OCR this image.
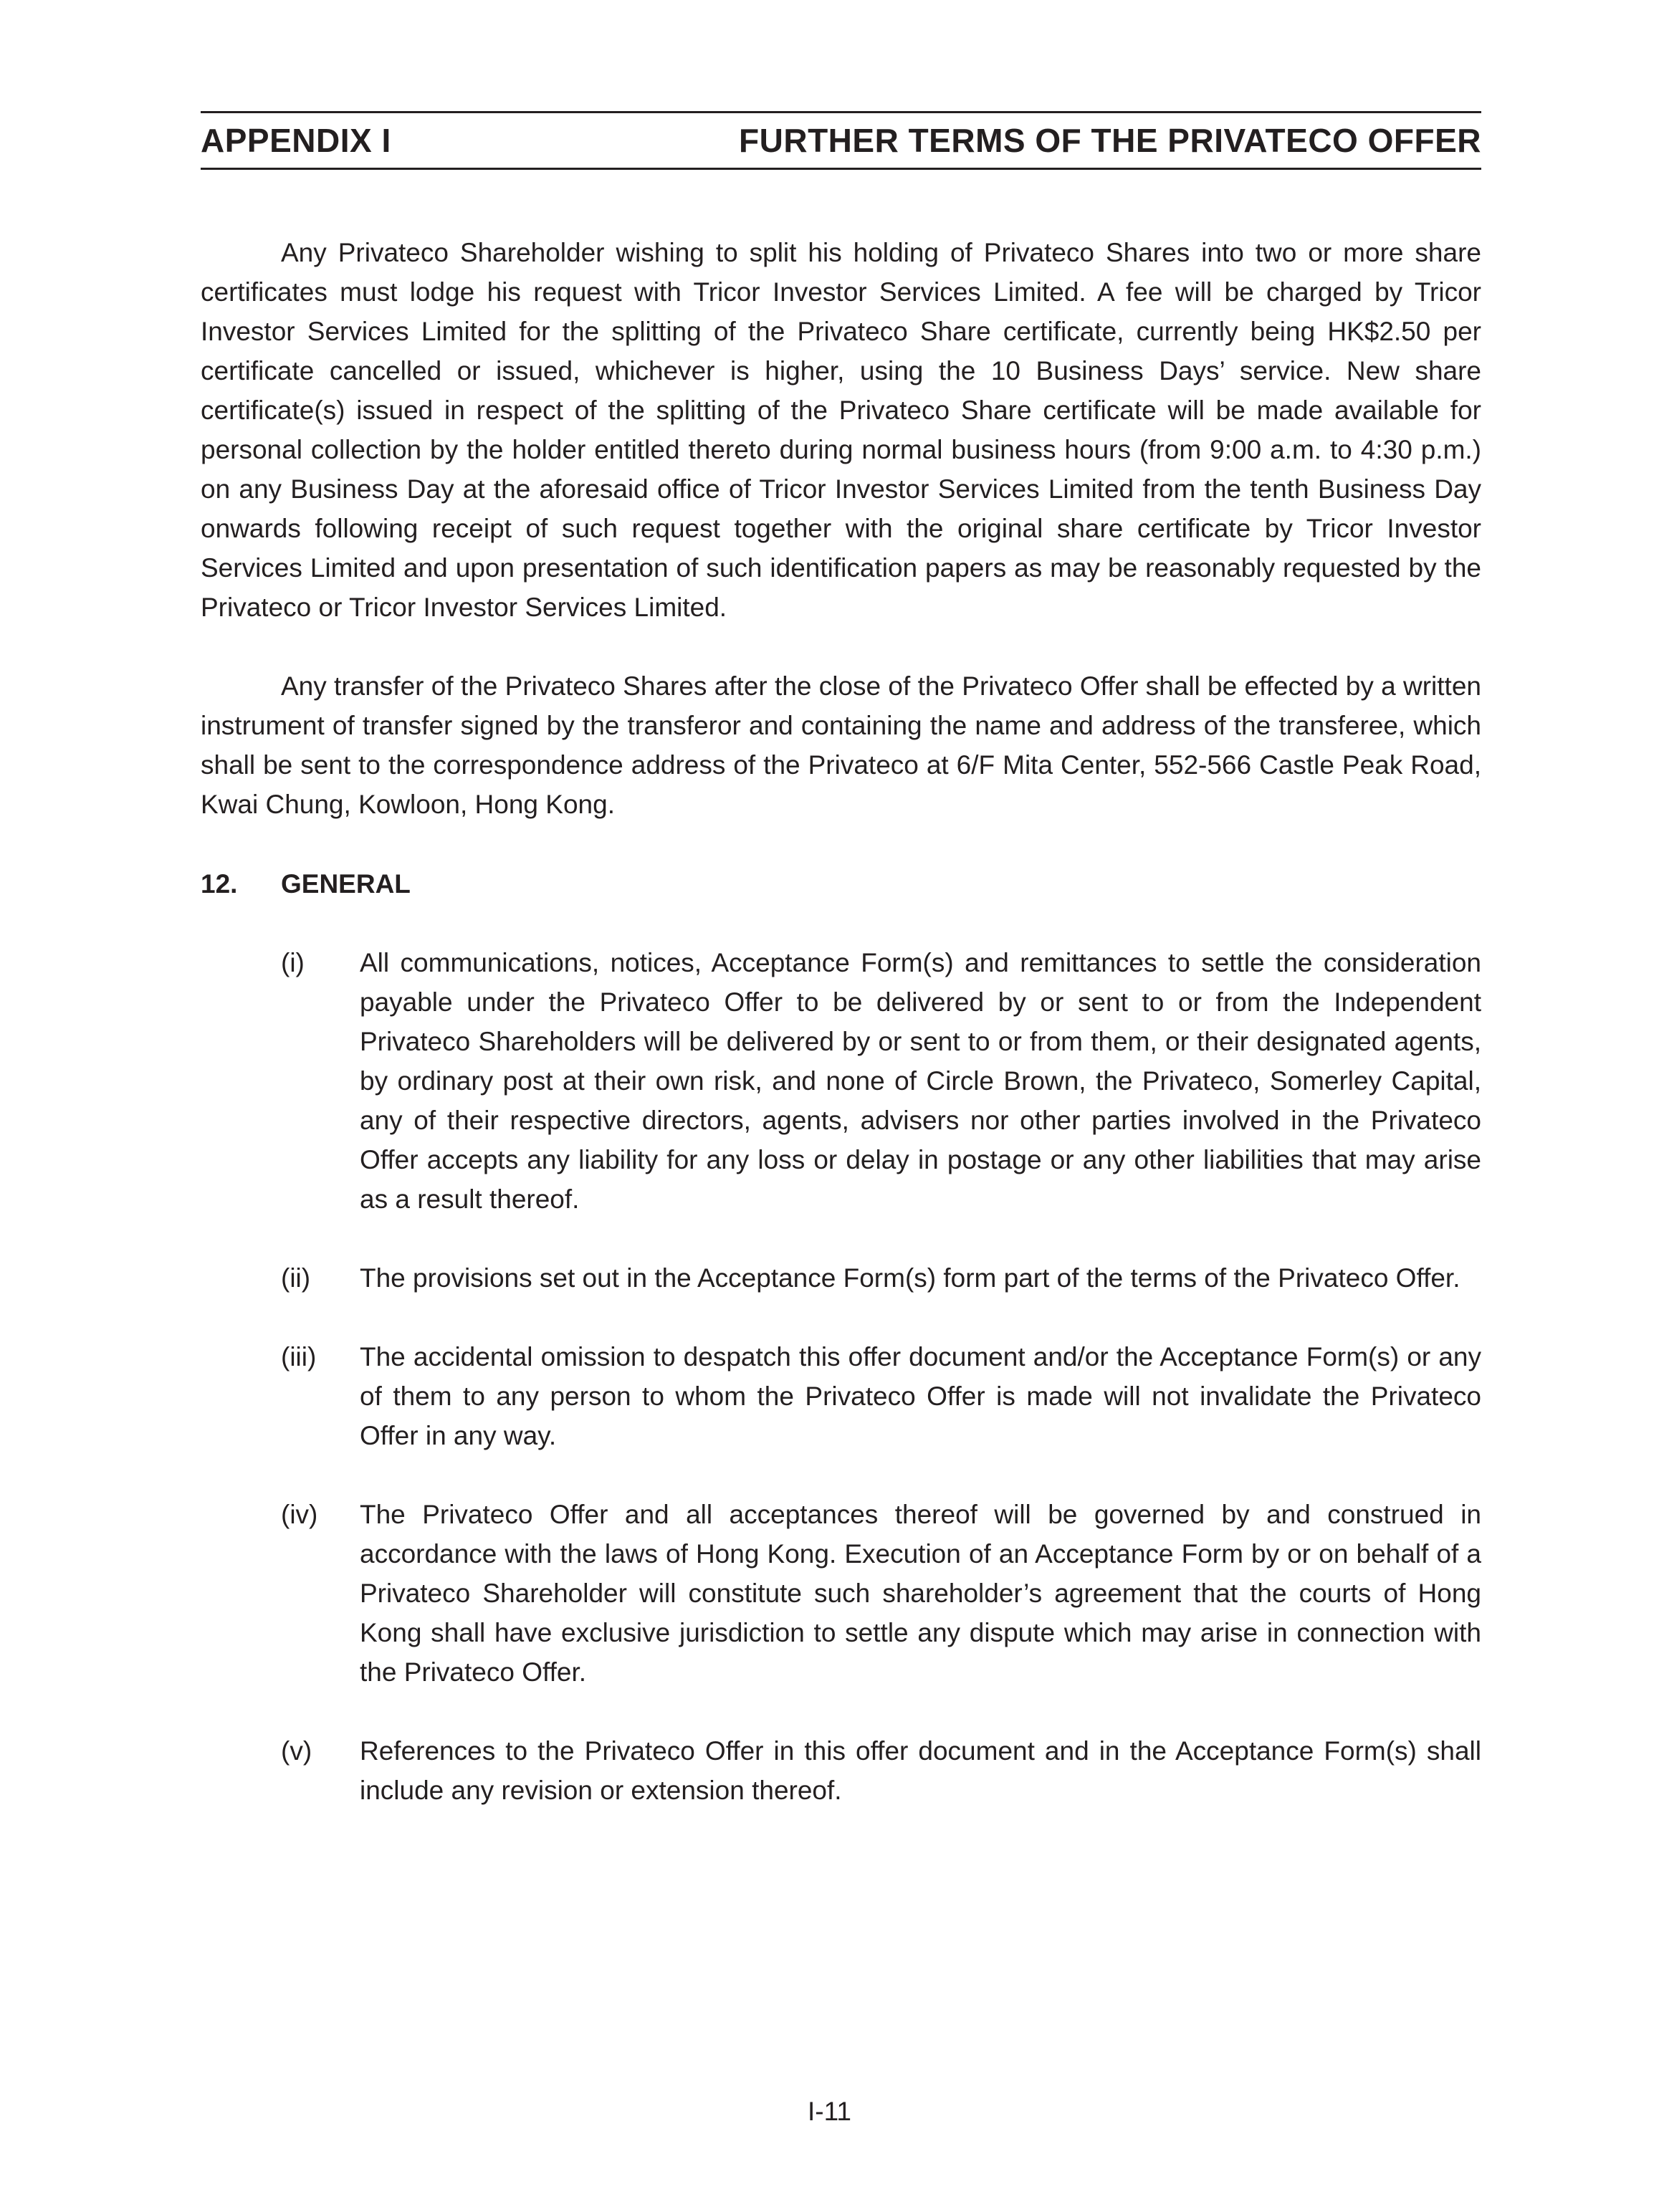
APPENDIX I	FURTHER TERMS OF THE PRIVATECO OFFER

Any Privateco Shareholder wishing to split his holding of Privateco Shares into two or more share certificates must lodge his request with Tricor Investor Services Limited. A fee will be charged by Tricor Investor Services Limited for the splitting of the Privateco Share certificate, currently being HK$2.50 per certificate cancelled or issued, whichever is higher, using the 10 Business Days’ service. New share certificate(s) issued in respect of the splitting of the Privateco Share certificate will be made available for personal collection by the holder entitled thereto during normal business hours (from 9:00 a.m. to 4:30 p.m.) on any Business Day at the aforesaid office of Tricor Investor Services Limited from the tenth Business Day onwards following receipt of such request together with the original share certificate by Tricor Investor Services Limited and upon presentation of such identification papers as may be reasonably requested by the Privateco or Tricor Investor Services Limited.

Any transfer of the Privateco Shares after the close of the Privateco Offer shall be effected by a written instrument of transfer signed by the transferor and containing the name and address of the transferee, which shall be sent to the correspondence address of the Privateco at 6/F Mita Center, 552-566 Castle Peak Road, Kwai Chung, Kowloon, Hong Kong.

12.	GENERAL
(i)	All communications, notices, Acceptance Form(s) and remittances to settle the consideration payable under the Privateco Offer to be delivered by or sent to or from the Independent Privateco Shareholders will be delivered by or sent to or from them, or their designated agents, by ordinary post at their own risk, and none of Circle Brown, the Privateco, Somerley Capital, any of their respective directors, agents, advisers nor other parties involved in the Privateco Offer accepts any liability for any loss or delay in postage or any other liabilities that may arise as a result thereof.
(ii)	The provisions set out in the Acceptance Form(s) form part of the terms of the Privateco Offer.
(iii)	The accidental omission to despatch this offer document and/or the Acceptance Form(s) or any of them to any person to whom the Privateco Offer is made will not invalidate the Privateco Offer in any way.
(iv)	The Privateco Offer and all acceptances thereof will be governed by and construed in accordance with the laws of Hong Kong. Execution of an Acceptance Form by or on behalf of a Privateco Shareholder will constitute such shareholder’s agreement that the courts of Hong Kong shall have exclusive jurisdiction to settle any dispute which may arise in connection with the Privateco Offer.
(v)	References to the Privateco Offer in this offer document and in the Acceptance Form(s) shall include any revision or extension thereof.
I-11
